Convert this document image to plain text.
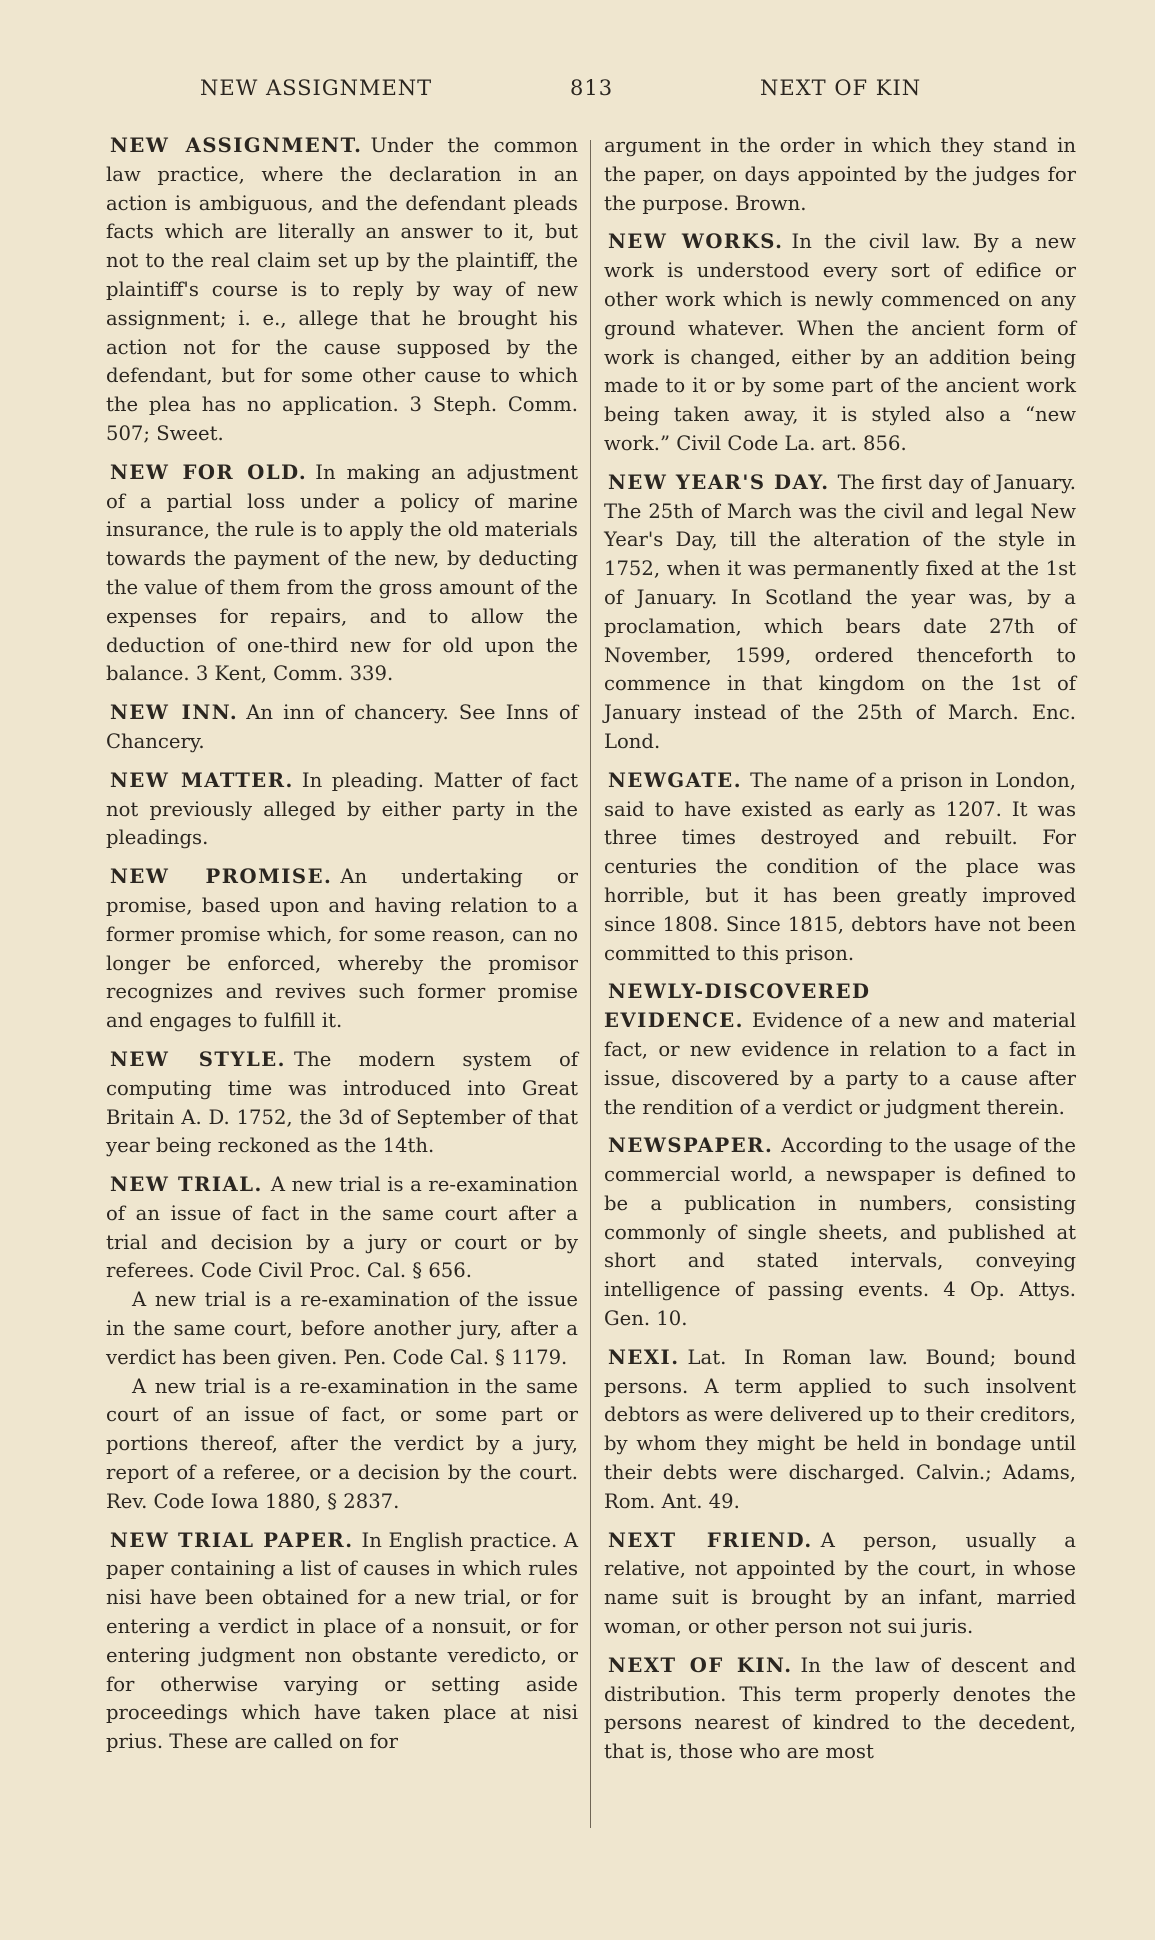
NEW ASSIGNMENT	813	NEXT OF KIN

NEW ASSIGNMENT. Under the common law practice, where the declaration in an action is ambiguous, and the defendant pleads facts which are literally an answer to it, but not to the real claim set up by the plaintiff, the plaintiff's course is to reply by way of new assignment; i. e., allege that he brought his action not for the cause supposed by the defendant, but for some other cause to which the plea has no application. 3 Steph. Comm. 507; Sweet.

NEW FOR OLD. In making an adjustment of a partial loss under a policy of marine insurance, the rule is to apply the old materials towards the payment of the new, by deducting the value of them from the gross amount of the expenses for repairs, and to allow the deduction of one-third new for old upon the balance. 3 Kent, Comm. 339.

NEW INN. An inn of chancery. See Inns of Chancery.

NEW MATTER. In pleading. Matter of fact not previously alleged by either party in the pleadings.

NEW PROMISE. An undertaking or promise, based upon and having relation to a former promise which, for some reason, can no longer be enforced, whereby the promisor recognizes and revives such former promise and engages to fulfill it.

NEW STYLE. The modern system of computing time was introduced into Great Britain A. D. 1752, the 3d of September of that year being reckoned as the 14th.

NEW TRIAL. A new trial is a re-examination of an issue of fact in the same court after a trial and decision by a jury or court or by referees. Code Civil Proc. Cal. § 656.

A new trial is a re-examination of the issue in the same court, before another jury, after a verdict has been given. Pen. Code Cal. § 1179.

A new trial is a re-examination in the same court of an issue of fact, or some part or portions thereof, after the verdict by a jury, report of a referee, or a decision by the court. Rev. Code Iowa 1880, § 2837.

NEW TRIAL PAPER. In English practice. A paper containing a list of causes in which rules nisi have been obtained for a new trial, or for entering a verdict in place of a nonsuit, or for entering judgment non obstante veredicto, or for otherwise varying or setting aside proceedings which have taken place at nisi prius. These are called on for

argument in the order in which they stand in the paper, on days appointed by the judges for the purpose. Brown.

NEW WORKS. In the civil law. By a new work is understood every sort of edifice or other work which is newly commenced on any ground whatever. When the ancient form of work is changed, either by an addition being made to it or by some part of the ancient work being taken away, it is styled also a “new work.” Civil Code La. art. 856.

NEW YEAR'S DAY. The first day of January. The 25th of March was the civil and legal New Year's Day, till the alteration of the style in 1752, when it was permanently fixed at the 1st of January. In Scotland the year was, by a proclamation, which bears date 27th of November, 1599, ordered thenceforth to commence in that kingdom on the 1st of January instead of the 25th of March. Enc. Lond.

NEWGATE. The name of a prison in London, said to have existed as early as 1207. It was three times destroyed and rebuilt. For centuries the condition of the place was horrible, but it has been greatly improved since 1808. Since 1815, debtors have not been committed to this prison.

NEWLY-DISCOVERED EVIDENCE. Evidence of a new and material fact, or new evidence in relation to a fact in issue, discovered by a party to a cause after the rendition of a verdict or judgment therein.

NEWSPAPER. According to the usage of the commercial world, a newspaper is defined to be a publication in numbers, consisting commonly of single sheets, and published at short and stated intervals, conveying intelligence of passing events. 4 Op. Attys. Gen. 10.

NEXI. Lat. In Roman law. Bound; bound persons. A term applied to such insolvent debtors as were delivered up to their creditors, by whom they might be held in bondage until their debts were discharged. Calvin.; Adams, Rom. Ant. 49.

NEXT FRIEND. A person, usually a relative, not appointed by the court, in whose name suit is brought by an infant, married woman, or other person not sui juris.

NEXT OF KIN. In the law of descent and distribution. This term properly denotes the persons nearest of kindred to the decedent, that is, those who are most
